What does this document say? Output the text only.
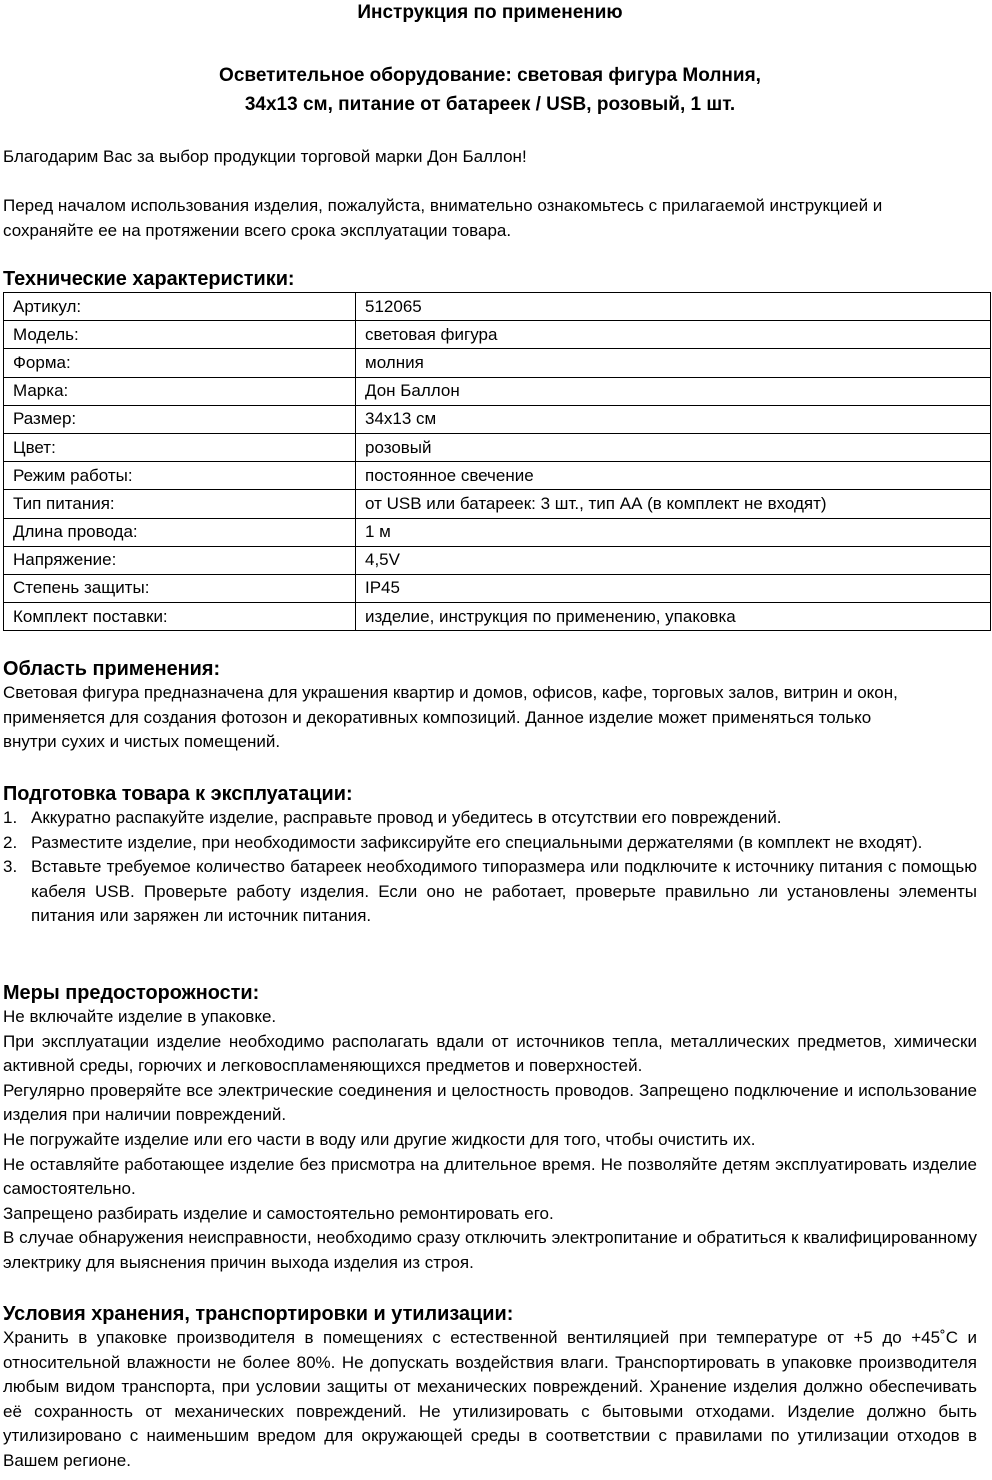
Инструкция по применению
Осветительное оборудование: световая фигура Молния,
34х13 см, питание от батареек / USB, розовый, 1 шт.

Благодарим Вас за выбор продукции торговой марки Дон Баллон!

Перед началом использования изделия, пожалуйста, внимательно ознакомьтесь с прилагаемой инструкцией и
сохраняйте ее на протяжении всего срока эксплуатации товара.

Технические характеристики:
Артикул:	512065
Модель:	световая фигура
Форма:	молния
Марка:	Дон Баллон
Размер:	34х13 см
Цвет:	розовый
Режим работы:	постоянное свечение
Тип питания:	от USB или батареек: 3 шт., тип АА (в комплект не входят)
Длина провода:	1 м
Напряжение:	4,5V
Степень защиты:	IP45
Комплект поставки:	изделие, инструкция по применению, упаковка
Область применения:

Световая фигура предназначена для украшения квартир и домов, офисов, кафе, торговых залов, витрин и окон,
применяется для создания фотозон и декоративных композиций. Данное изделие может применяться только
внутри сухих и чистых помещений.

Подготовка товара к эксплуатации:
1. Аккуратно распакуйте изделие, расправьте провод и убедитесь в отсутствии его повреждений.
2. Разместите изделие, при необходимости зафиксируйте его специальными держателями (в комплект не входят).
3. Вставьте требуемое количество батареек необходимого типоразмера или подключите к источнику питания с помощью кабеля USB. Проверьте работу изделия. Если оно не работает, проверьте правильно ли установлены элементы питания или заряжен ли источник питания.
Меры предосторожности:

Не включайте изделие в упаковке.

При эксплуатации изделие необходимо располагать вдали от источников тепла, металлических предметов, химически активной среды, горючих и легковоспламеняющихся предметов и поверхностей.

Регулярно проверяйте все электрические соединения и целостность проводов. Запрещено подключение и использование изделия при наличии повреждений.

Не погружайте изделие или его части в воду или другие жидкости для того, чтобы очистить их.

Не оставляйте работающее изделие без присмотра на длительное время. Не позволяйте детям эксплуатировать изделие самостоятельно.

Запрещено разбирать изделие и самостоятельно ремонтировать его.

В случае обнаружения неисправности, необходимо сразу отключить электропитание и обратиться к квалифицированному электрику для выяснения причин выхода изделия из строя.

Условия хранения, транспортировки и утилизации:

Хранить в упаковке производителя в помещениях с естественной вентиляцией при температуре от +5 до +45˚С и относительной влажности не более 80%. Не допускать воздействия влаги. Транспортировать в упаковке производителя любым видом транспорта, при условии защиты от механических повреждений. Хранение изделия должно обеспечивать её сохранность от механических повреждений. Не утилизировать с бытовыми отходами. Изделие должно быть утилизировано с наименьшим вредом для окружающей среды в соответствии с правилами по утилизации отходов в Вашем регионе.
